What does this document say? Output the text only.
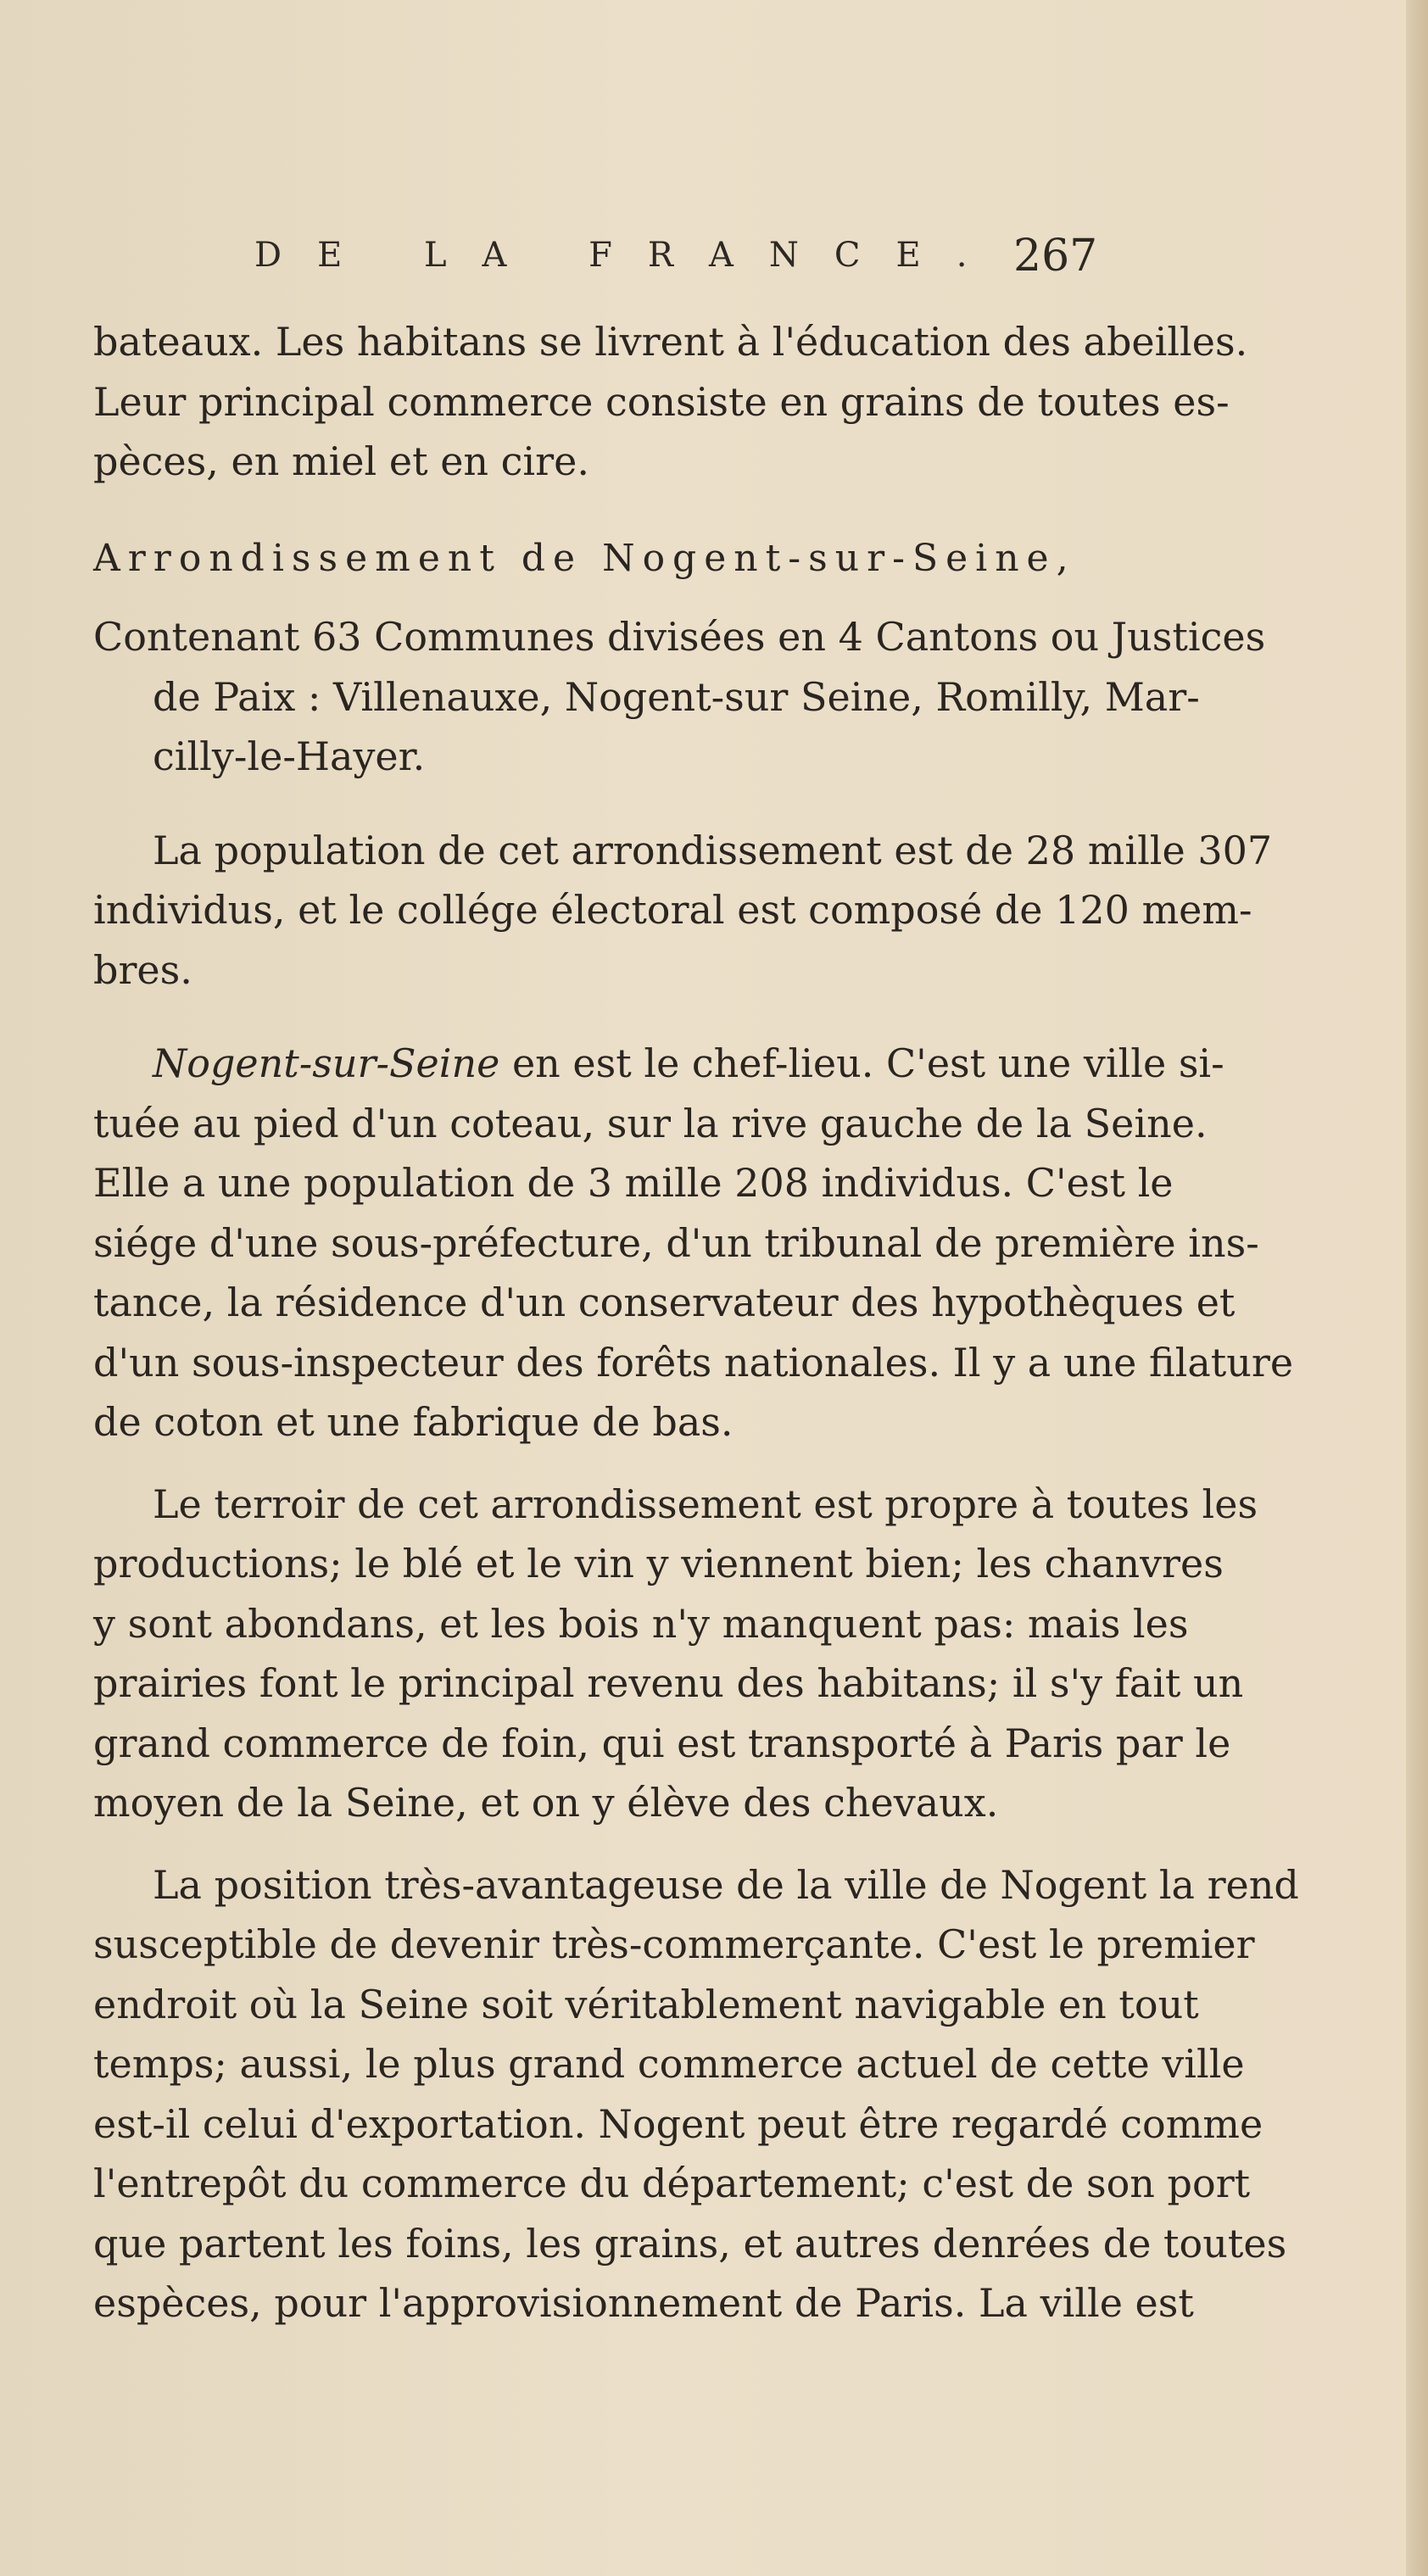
DE LA FRANCE. 267

bateaux. Les habitans se livrent à l'éducation des abeilles.
Leur principal commerce consiste en grains de toutes es-
pèces, en miel et en cire.

Arrondissement de Nogent-sur-Seine,

Contenant 63 Communes divisées en 4 Cantons ou Justices
de Paix : Villenauxe, Nogent-sur Seine, Romilly, Mar-
cilly-le-Hayer.

La population de cet arrondissement est de 28 mille 307
individus, et le collége électoral est composé de 120 mem-
bres.

Nogent-sur-Seine en est le chef-lieu. C'est une ville si-
tuée au pied d'un coteau, sur la rive gauche de la Seine.
Elle a une population de 3 mille 208 individus. C'est le
siége d'une sous-préfecture, d'un tribunal de première ins-
tance, la résidence d'un conservateur des hypothèques et
d'un sous-inspecteur des forêts nationales. Il y a une filature
de coton et une fabrique de bas.

Le terroir de cet arrondissement est propre à toutes les
productions; le blé et le vin y viennent bien; les chanvres
y sont abondans, et les bois n'y manquent pas: mais les
prairies font le principal revenu des habitans; il s'y fait un
grand commerce de foin, qui est transporté à Paris par le
moyen de la Seine, et on y élève des chevaux.

La position très-avantageuse de la ville de Nogent la rend
susceptible de devenir très-commerçante. C'est le premier
endroit où la Seine soit véritablement navigable en tout
temps; aussi, le plus grand commerce actuel de cette ville
est-il celui d'exportation. Nogent peut être regardé comme
l'entrepôt du commerce du département; c'est de son port
que partent les foins, les grains, et autres denrées de toutes
espèces, pour l'approvisionnement de Paris. La ville est
